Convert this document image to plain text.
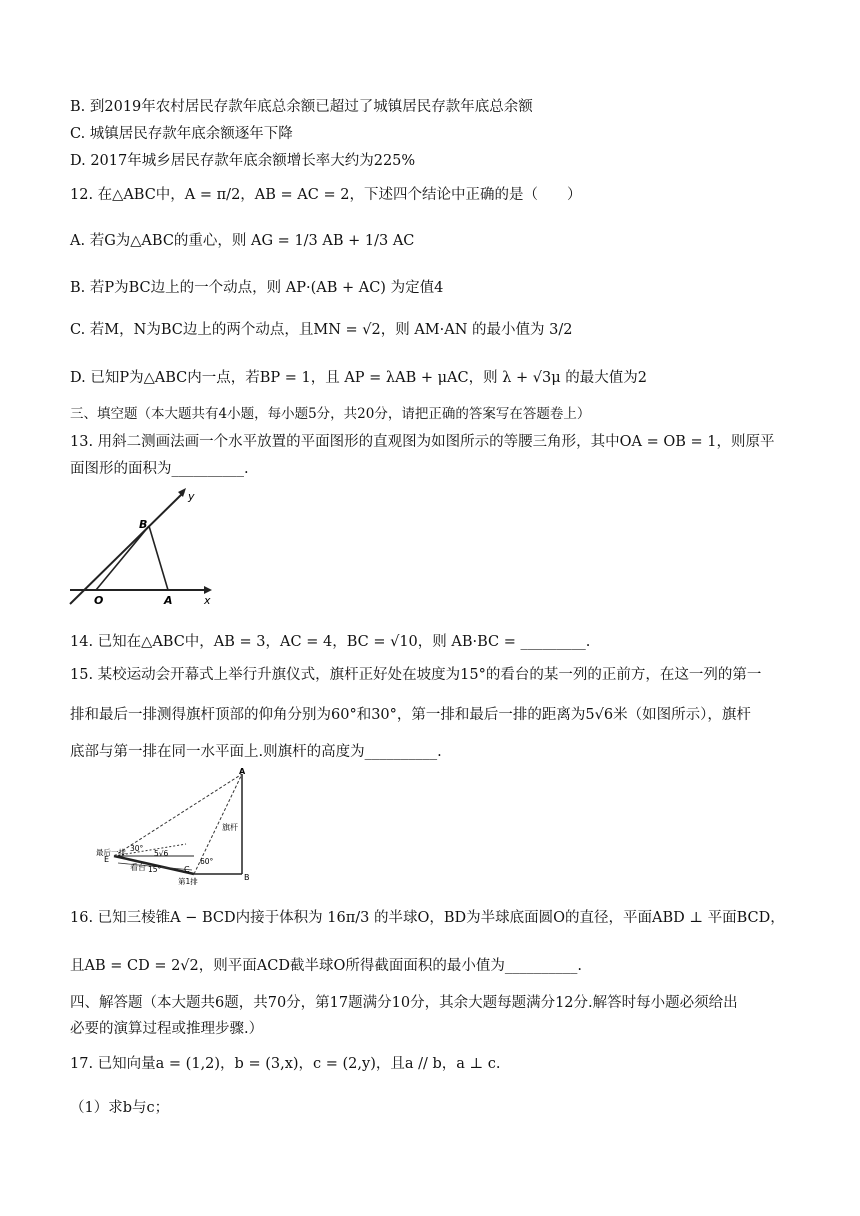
B. 到2019年农村居民存款年底总余额已超过了城镇居民存款年底总余额
C. 城镇居民存款年底余额逐年下降
D. 2017年城乡居民存款年底余额增长率大约为225%
12. 在△ABC中，A = π/2，AB = AC = 2，下述四个结论中正确的是（　　）
A. 若G为△ABC的重心，则 AG = 1/3 AB + 1/3 AC
B. 若P为BC边上的一个动点，则 AP·(AB + AC) 为定值4
C. 若M，N为BC边上的两个动点，且MN = √2，则 AM·AN 的最小值为 3/2
D. 已知P为△ABC内一点，若BP = 1，且 AP = λAB + μAC，则 λ + √3μ 的最大值为2
三、填空题（本大题共有4小题，每小题5分，共20分，请把正确的答案写在答题卷上）
13. 用斜二测画法画一个水平放置的平面图形的直观图为如图所示的等腰三角形，其中OA = OB = 1，则原平
面图形的面积为__________.
y
x
O	A
B
14. 已知在△ABC中，AB = 3，AC = 4，BC = √10，则 AB·BC = _________.
15. 某校运动会开幕式上举行升旗仪式，旗杆正好处在坡度为15°的看台的某一列的正前方，在这一列的第一
排和最后一排测得旗杆顶部的仰角分别为60°和30°，第一排和最后一排的距离为5√6米（如图所示），旗杆
底部与第一排在同一水平面上.则旗杆的高度为__________.
A
B
C
E
旗杆
最后一排
看台
第1排
30°
60°
15°
5√6
16. 已知三棱锥A − BCD内接于体积为 16π/3 的半球O，BD为半球底面圆O的直径，平面ABD ⊥ 平面BCD，
且AB = CD = 2√2，则平面ACD截半球O所得截面面积的最小值为__________.
四、解答题（本大题共6题，共70分，第17题满分10分，其余大题每题满分12分.解答时每小题必须给出
必要的演算过程或推理步骤.）
17. 已知向量a = (1,2)，b = (3,x)，c = (2,y)，且a // b，a ⊥ c.
（1）求b与c；
